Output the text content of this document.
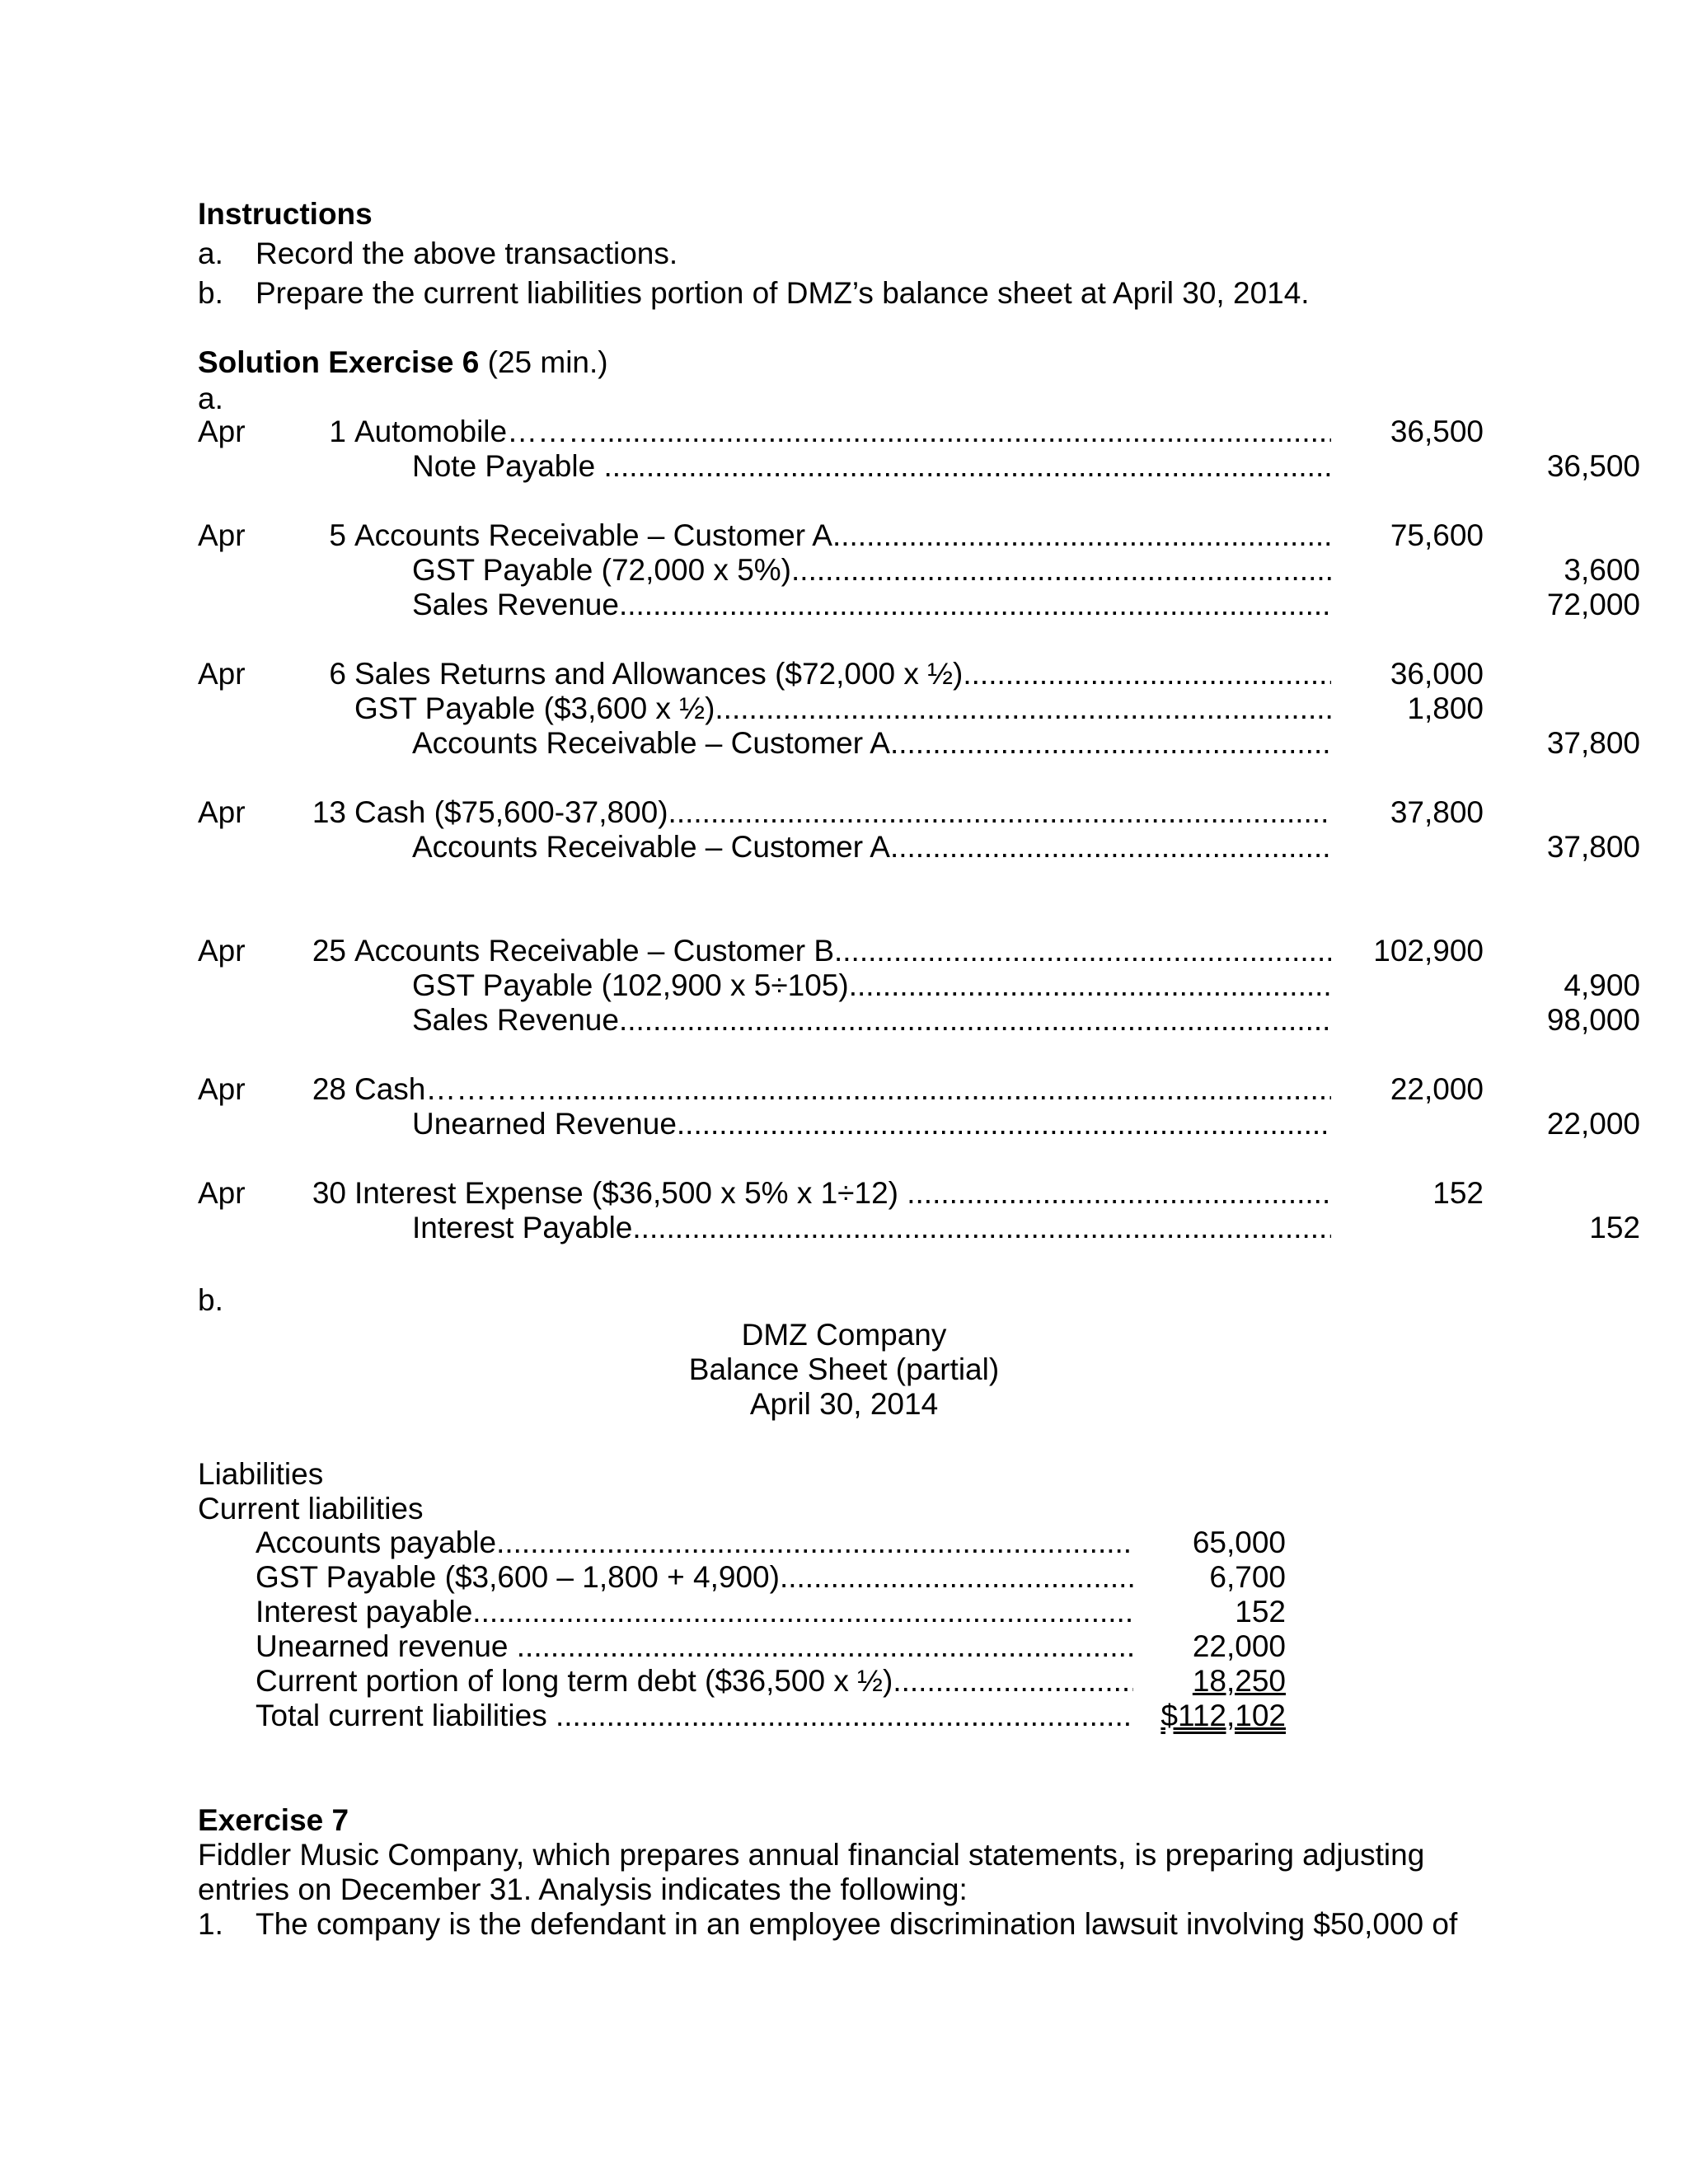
Instructions
a. Record the above transactions.
b. Prepare the current liabilities portion of DMZ’s balance sheet at April 30, 2014.
Solution Exercise 6 (25 min.)
a.
Apr	1 Automobile……… .....	36,500
Note Payable .....	36,500
Apr	5 Accounts Receivable – Customer A .....	75,600
GST Payable (72,000 x 5%) .....	3,600
Sales Revenue .....	72,000
Apr	6 Sales Returns and Allowances ($72,000 x ½) .....	36,000
GST Payable ($3,600 x ½) .....	1,800
Accounts Receivable – Customer A .....	37,800
Apr	13 Cash ($75,600-37,800) .....	37,800
Accounts Receivable – Customer A .....	37,800
Apr	25 Accounts Receivable – Customer B .....	102,900
GST Payable (102,900 x 5÷105) .....	4,900
Sales Revenue .....	98,000
Apr	28 Cash………….. .....	22,000
Unearned Revenue .....	22,000
Apr	30 Interest Expense ($36,500 x 5% x 1÷12) .....	152
Interest Payable .....	152
b.
DMZ Company
Balance Sheet (partial)
April 30, 2014
Liabilities
Current liabilities
Accounts payable .....	65,000
GST Payable ($3,600 – 1,800 + 4,900) .....	6,700
Interest payable. .....	152
Unearned revenue .....	22,000
Current portion of long term debt ($36,500 x ½) .....	18,250
Total current liabilities .....	$112,102
Exercise 7
Fiddler Music Company, which prepares annual financial statements, is preparing adjusting
entries on December 31. Analysis indicates the following:
1. The company is the defendant in an employee discrimination lawsuit involving $50,000 of
